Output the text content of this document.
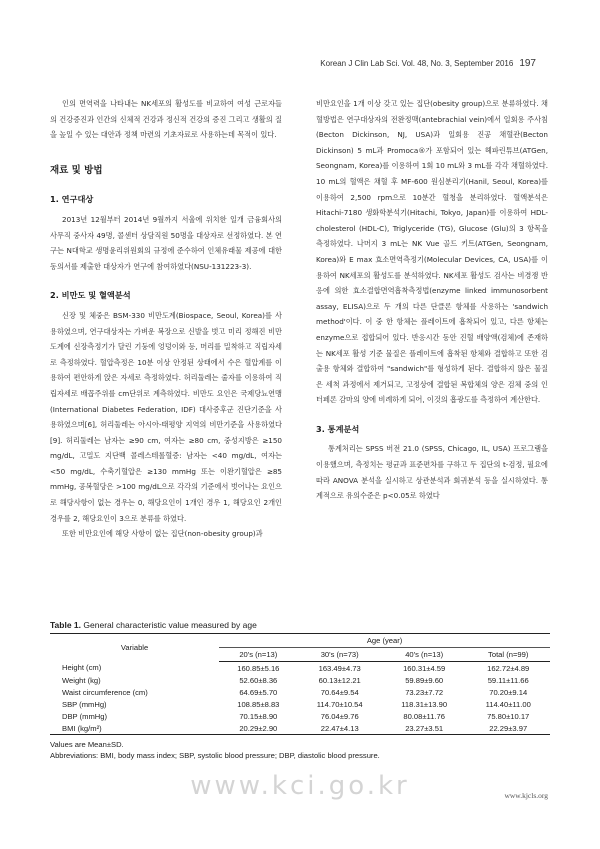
Korean J Clin Lab Sci. Vol. 48, No. 3, September 2016 197

인의 면역력을 나타내는 NK세포의 활성도를 비교하여 여성 근로자들의 건강증진과 인간의 신체적 건강과 정신적 건강의 증진 그리고 생활의 질을 높일 수 있는 대안과 정책 마련의 기초자료로 사용하는데 목적이 있다.

재료 및 방법
1. 연구대상

2013년 12월부터 2014년 9월까지 서울에 위치한 일개 금융회사의 사무직 중사자 49명, 콜센터 상담직원 50명을 대상자로 선정하였다. 본 연구는 N대학교 생명윤리위원회의 규정에 준수하여 인체유래물 제공에 대한 동의서를 제출한 대상자가 연구에 참여하였다(NSU-131223-3).

2. 비만도 및 혈액분석

신장 및 체중은 BSM-330 비만도계(Biospace, Seoul, Korea)를 사용하였으며, 연구대상자는 가벼운 복장으로 신발을 벗고 미리 정해진 비만도계에 신장측정기가 달린 기둥에 엉덩이와 등, 머리를 밀착하고 직립자세로 측정하였다. 혈압측정은 10분 이상 안정된 상태에서 수은 혈압계를 이용하여 편안하게 앉은 자세로 측정하였다. 허리둘레는 줄자를 이용하여 직립자세로 배꼽주위를 cm단위로 계측하였다. 비만도 요인은 국제당뇨연맹(International Diabetes Federation, IDF) 대사증후군 진단기준을 사용하였으며[6], 허리둘레는 아시아-태평양 지역의 비만기준을 사용하였다[9]. 허리둘레는 남자는 ≥90 cm, 여자는 ≥80 cm, 중성지방은 ≥150 mg/dL, 고밀도 지단백 콜레스테롤혈증: 남자는 <40 mg/dL, 여자는 <50 mg/dL, 수축기혈압은 ≥130 mmHg 또는 이완기혈압은 ≥85 mmHg, 공복혈당은 >100 mg/dL으로 각각의 기준에서 벗어나는 요인으로 해당사항이 없는 경우는 0, 해당요인이 1개인 경우 1, 해당요인 2개인 경우를 2, 해당요인이 3으로 분류를 하였다.

또한 비만요인에 해당 사항이 없는 집단(non-obesity group)과

비만요인을 1개 이상 갖고 있는 집단(obesity group)으로 분류하였다. 채혈방법은 연구대상자의 전완정맥(antebrachial vein)에서 일회용 주사침(Becton Dickinson, NJ, USA)과 일회용 진공 채혈관(Becton Dickinson) 5 mL과 Promoca®가 포함되어 있는 헤파린튜브(ATGen, Seongnam, Korea)를 이용하여 1회 10 mL와 3 mL를 각각 채혈하였다. 10 mL의 혈액은 채혈 후 MF-600 원심분리기(Hanil, Seoul, Korea)를 이용하여 2,500 rpm으로 10분간 혈청을 분리하였다. 혈액분석은 Hitachi-7180 생화학분석기(Hitachi, Tokyo, Japan)를 이용하여 HDL-cholesterol (HDL-C), Triglyceride (TG), Glucose (Glu)의 3 항목을 측정하였다. 나머지 3 mL는 NK Vue 골드 키트(ATGen, Seongnam, Korea)와 E max 효소면역측정기(Molecular Devices, CA, USA)를 이용하여 NK세포의 활성도를 분석하였다. NK세포 활성도 검사는 비경쟁 반응에 의한 효소결합면역흡착측정법(enzyme linked immunosorbent assay, ELISA)으로 두 개의 다른 단클론 항체를 사용하는 'sandwich method'이다. 이 중 한 항체는 플레이트에 흡착되어 있고, 다른 항체는 enzyme으로 접합되어 있다. 반응시간 동안 진혈 배양액(검체)에 존재하는 NK세포 활성 기준 물질은 플레이트에 흡착된 항체와 결합하고 또한 검출용 항체와 결합하여 "sandwich"를 형성하게 된다. 결합하지 않은 물질은 세척 과정에서 제거되고, 고정상에 결합된 복합체의 양은 검체 중의 인터페론 감마의 양에 비례하게 되어, 이것의 흡광도를 측정하여 계산한다.

3. 통계분석

통계처리는 SPSS 버전 21.0 (SPSS, Chicago, IL, USA) 프로그램을 이용했으며, 측정치는 평균과 표준편차를 구하고 두 집단의 t-검정, 필요에 따라 ANOVA 분석을 실시하고 상관분석과 회귀분석 등을 실시하였다. 통계적으로 유의수준은 p<0.05로 하였다

Table 1. General characteristic value measured by age
Variable	Age (year)			
	20's (n=13)	30's (n=73)	40's (n=13)	Total (n=99)
Height (cm)	160.85±5.16	163.49±4.73	160.31±4.59	162.72±4.89
Weight (kg)	52.60±8.36	60.13±12.21	59.89±9.60	59.11±11.66
Waist circumference (cm)	64.69±5.70	70.64±9.54	73.23±7.72	70.20±9.14
SBP (mmHg)	108.85±8.83	114.70±10.54	118.31±13.90	114.40±11.00
DBP (mmHg)	70.15±8.90	76.04±9.76	80.08±11.76	75.80±10.17
BMI (kg/m²)	20.29±2.90	22.47±4.13	23.27±3.51	22.29±3.97
Values are Mean±SD.
Abbreviations: BMI, body mass index; SBP, systolic blood pressure; DBP, diastolic blood pressure.
www.kci.go.kr	www.kjcls.org
